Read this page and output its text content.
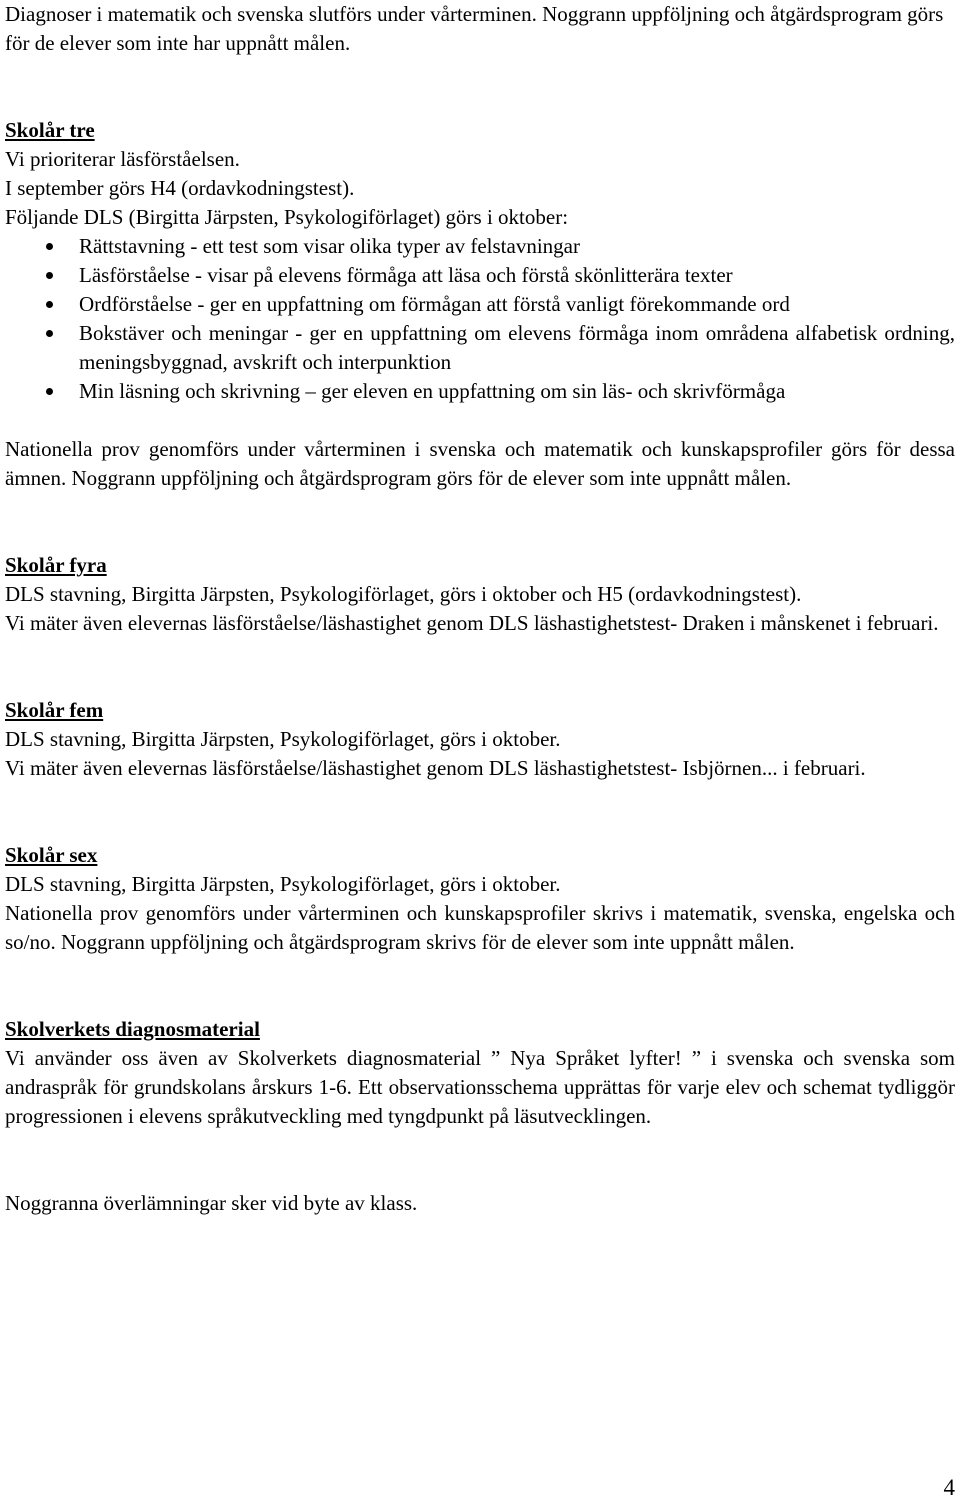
Diagnoser i matematik och svenska slutförs under vårterminen. Noggrann uppföljning och åtgärdsprogram görs för de elever som inte har uppnått målen.

Skolår tre

Vi prioriterar läsförståelsen.

I september görs H4 (ordavkodningstest).

Följande DLS (Birgitta Järpsten, Psykologiförlaget) görs i oktober:

Rättstavning - ett test som visar olika typer av felstavningar
Läsförståelse - visar på elevens förmåga att läsa och förstå skönlitterära texter
Ordförståelse - ger en uppfattning om förmågan att förstå vanligt förekommande ord
Bokstäver och meningar - ger en uppfattning om elevens förmåga inom områdena alfabetisk ordning, meningsbyggnad, avskrift och interpunktion
Min läsning och skrivning – ger eleven en uppfattning om sin läs- och skrivförmåga

Nationella prov genomförs under vårterminen i svenska och matematik och kunskapsprofiler görs för dessa ämnen. Noggrann uppföljning och åtgärdsprogram görs för de elever som inte uppnått målen.

Skolår fyra

DLS stavning, Birgitta Järpsten, Psykologiförlaget, görs i oktober och H5 (ordavkodningstest).

Vi mäter även elevernas läsförståelse/läshastighet genom DLS läshastighetstest- Draken i månskenet i februari.

Skolår fem

DLS stavning, Birgitta Järpsten, Psykologiförlaget, görs i oktober.

Vi mäter även elevernas läsförståelse/läshastighet genom DLS läshastighetstest- Isbjörnen... i februari.

Skolår sex

DLS stavning, Birgitta Järpsten, Psykologiförlaget, görs i oktober.

Nationella prov genomförs under vårterminen och kunskapsprofiler skrivs i matematik, svenska, engelska och so/no. Noggrann uppföljning och åtgärdsprogram skrivs för de elever som inte uppnått målen.

Skolverkets diagnosmaterial

Vi använder oss även av Skolverkets diagnosmaterial ” Nya Språket lyfter! ” i svenska och svenska som andraspråk för grundskolans årskurs 1-6. Ett observationsschema upprättas för varje elev och schemat tydliggör progressionen i elevens språkutveckling med tyngdpunkt på läsutvecklingen.

Noggranna överlämningar sker vid byte av klass.

4
